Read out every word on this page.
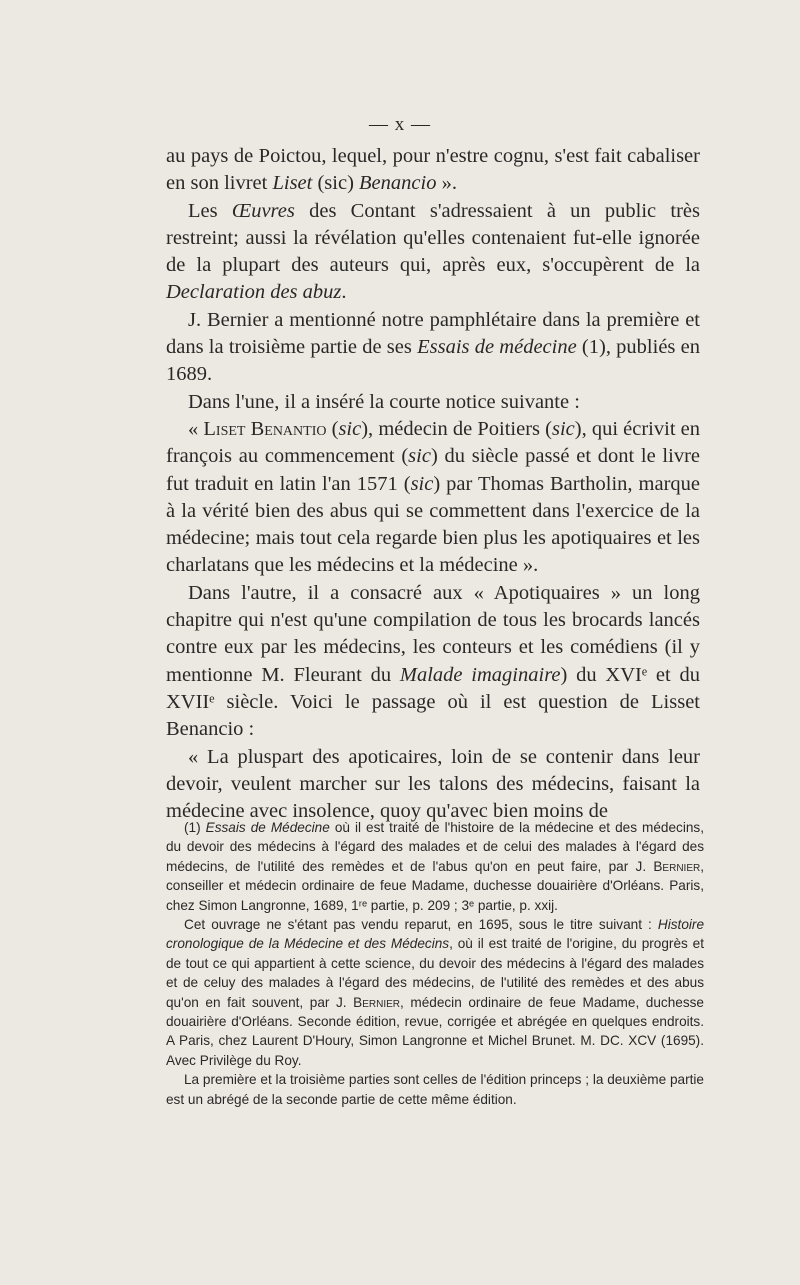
— x —

au pays de Poictou, lequel, pour n'estre cognu, s'est fait cabaliser en son livret Liset (sic) Benancio ».

Les Œuvres des Contant s'adressaient à un public très restreint; aussi la révélation qu'elles contenaient fut-elle ignorée de la plupart des auteurs qui, après eux, s'occupèrent de la Declaration des abuz.

J. Bernier a mentionné notre pamphlétaire dans la première et dans la troisième partie de ses Essais de médecine (1), publiés en 1689.

Dans l'une, il a inséré la courte notice suivante :

« Liset Benantio (sic), médecin de Poitiers (sic), qui écrivit en françois au commencement (sic) du siècle passé et dont le livre fut traduit en latin l'an 1571 (sic) par Thomas Bartholin, marque à la vérité bien des abus qui se commettent dans l'exercice de la médecine; mais tout cela regarde bien plus les apotiquaires et les charlatans que les médecins et la médecine ».

Dans l'autre, il a consacré aux « Apotiquaires » un long chapitre qui n'est qu'une compilation de tous les brocards lancés contre eux par les médecins, les conteurs et les comédiens (il y mentionne M. Fleurant du Malade imaginaire) du XVIᵉ et du XVIIᵉ siècle. Voici le passage où il est question de Lisset Benancio :

« La pluspart des apoticaires, loin de se contenir dans leur devoir, veulent marcher sur les talons des médecins, faisant la médecine avec insolence, quoy qu'avec bien moins de

(1) Essais de Médecine où il est traité de l'histoire de la médecine et des médecins, du devoir des médecins à l'égard des malades et de celui des malades à l'égard des médecins, de l'utilité des remèdes et de l'abus qu'on en peut faire, par J. Bernier, conseiller et médecin ordinaire de feue Madame, duchesse douairière d'Orléans. Paris, chez Simon Langronne, 1689, 1ʳᵉ partie, p. 209 ; 3ᵉ partie, p. xxij.

Cet ouvrage ne s'étant pas vendu reparut, en 1695, sous le titre suivant : Histoire cronologique de la Médecine et des Médecins, où il est traité de l'origine, du progrès et de tout ce qui appartient à cette science, du devoir des médecins à l'égard des malades et de celuy des malades à l'égard des médecins, de l'utilité des remèdes et des abus qu'on en fait souvent, par J. Bernier, médecin ordinaire de feue Madame, duchesse douairière d'Orléans. Seconde édition, revue, corrigée et abrégée en quelques endroits. A Paris, chez Laurent D'Houry, Simon Langronne et Michel Brunet. M. DC. XCV (1695). Avec Privilège du Roy.

La première et la troisième parties sont celles de l'édition princeps ; la deuxième partie est un abrégé de la seconde partie de cette même édition.
